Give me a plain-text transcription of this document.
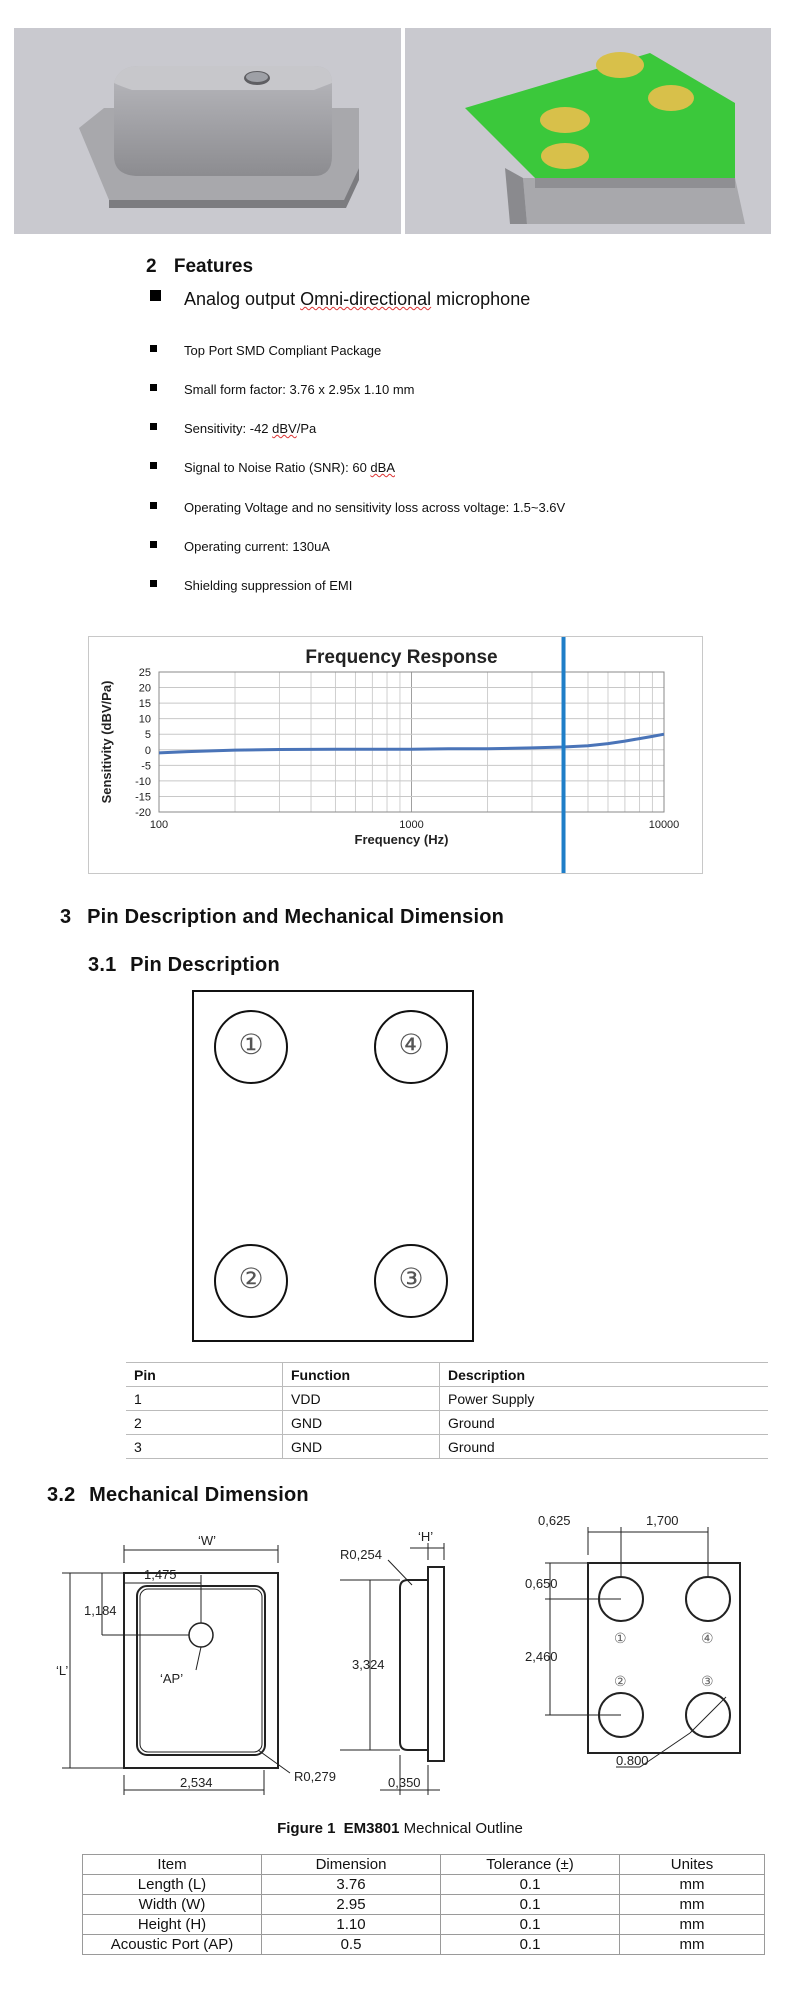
2 Features
Analog output Omni-directional microphone
Top Port SMD Compliant Package
Small form factor: 3.76 x 2.95x 1.10 mm
Sensitivity: -42 dBV/Pa
Signal to Noise Ratio (SNR): 60 dBA
Operating Voltage and no sensitivity loss across voltage: 1.5~3.6V
Operating current: 130uA
Shielding suppression of EMI
25
20
15
10
5
0
-5
-10
-15
-20
100	1000	10000
Frequency Response
Frequency (Hz)
Sensitivity (dBV/Pa)
3 Pin Description and Mechanical Dimension
3.1 Pin Description
①	④
②	③
Pin	Function	Description
1	VDD	Power Supply
2	GND	Ground
3	GND	Ground
3.2 Mechanical Dimension
‘W’
1,475
1,184
‘L’
‘AP’
2,534	R0,279
‘H’
R0,254
3,324
0,350
0,625	1,700
0,650
2,460
0.800
①	④
②	③
Figure 1 EM3801 Mechnical Outline
Item	Dimension	Tolerance (±)	Unites
Length (L)	3.76	0.1	mm
Width (W)	2.95	0.1	mm
Height (H)	1.10	0.1	mm
Acoustic Port (AP)	0.5	0.1	mm
